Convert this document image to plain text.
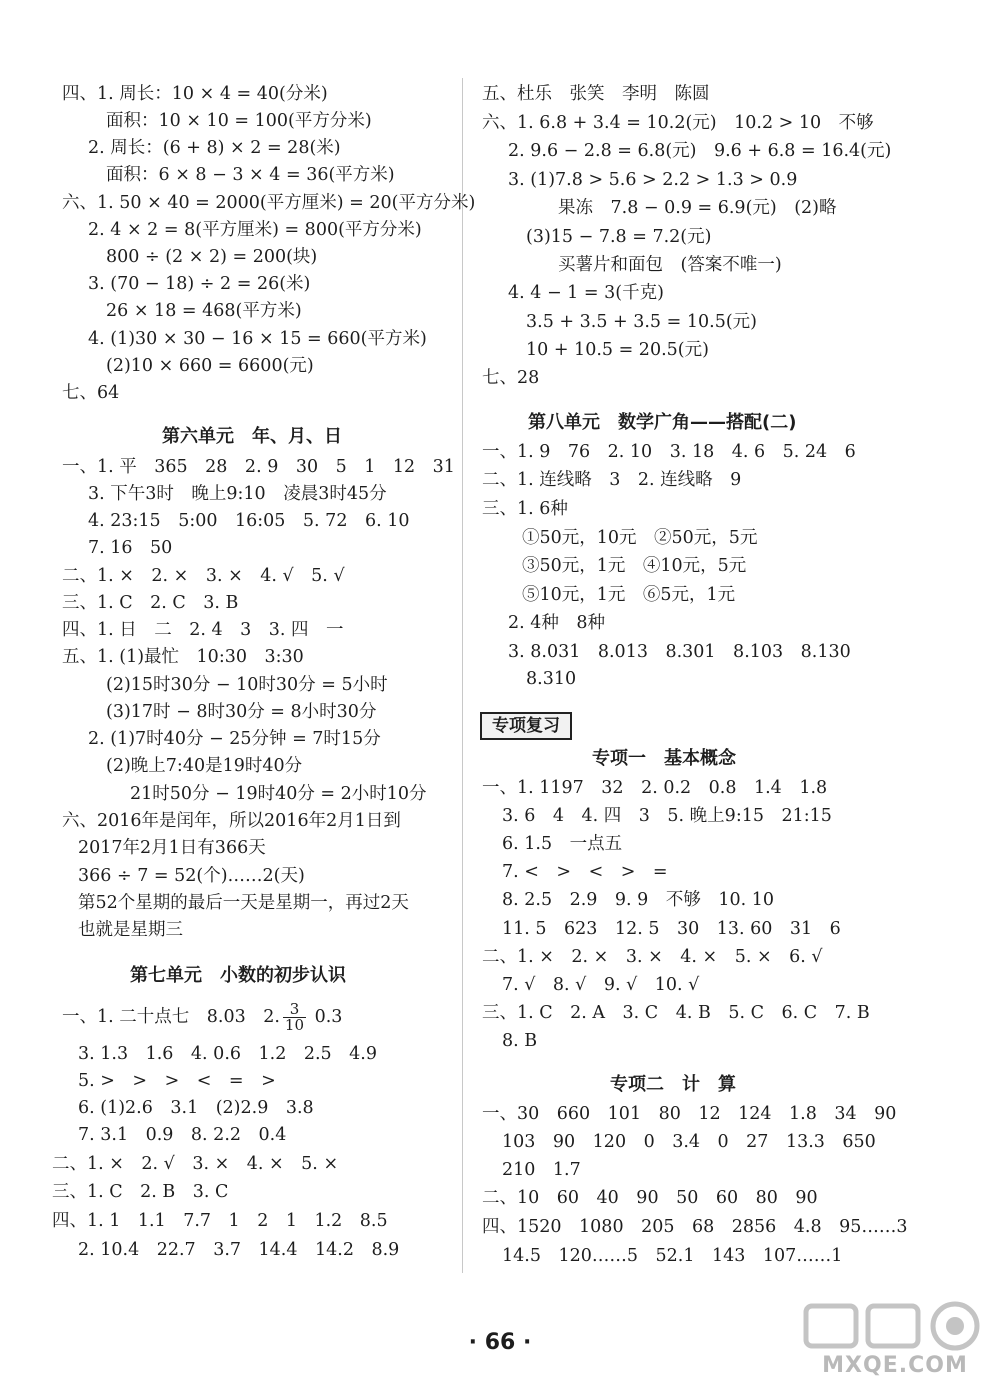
四、1. 周长：10 × 4 = 40(分米)
面积：10 × 10 = 100(平方分米)
2. 周长：(6 + 8) × 2 = 28(米)
面积：6 × 8 − 3 × 4 = 36(平方米)
六、1. 50 × 40 = 2000(平方厘米) = 20(平方分米)
2. 4 × 2 = 8(平方厘米) = 800(平方分米)
800 ÷ (2 × 2) = 200(块)
3. (70 − 18) ÷ 2 = 26(米)
26 × 18 = 468(平方米)
4. (1)30 × 30 − 16 × 15 = 660(平方米)
(2)10 × 660 = 6600(元)
七、64
第六单元　年、月、日
一、1. 平　365　28　2. 9　30　5　1　12　31
3. 下午3时　晚上9:10　凌晨3时45分
4. 23:15　5:00　16:05　5. 72　6. 10
7. 16　50
二、1. ×　2. ×　3. ×　4. √　5. √
三、1. C　2. C　3. B
四、1. 日　二　2. 4　3　3. 四　一
五、1. (1)最忙　10:30　3:30
(2)15时30分 − 10时30分 = 5小时
(3)17时 − 8时30分 = 8小时30分
2. (1)7时40分 − 25分钟 = 7时15分
(2)晚上7:40是19时40分
21时50分 − 19时40分 = 2小时10分
六、2016年是闰年，所以2016年2月1日到
2017年2月1日有366天
366 ÷ 7 = 52(个)……2(天)
第52个星期的最后一天是星期一，再过2天
也就是星期三
第七单元　小数的初步认识
一、1. 二十点七　8.03　2. $\frac{3}{10} 0.3$
3. 1.3　1.6　4. 0.6　1.2　2.5　4.9
5. >　>　>　<　=　>
6. (1)2.6　3.1　(2)2.9　3.8
7. 3.1　0.9　8. 2.2　0.4
二、1. ×　2. √　3. ×　4. ×　5. ×
三、1. C　2. B　3. C
四、1. 1　1.1　7.7　1　2　1　1.2　8.5
2. 10.4　22.7　3.7　14.4　14.2　8.9
五、杜乐　张笑　李明　陈圆
六、1. 6.8 + 3.4 = 10.2(元)　10.2 > 10　不够
2. 9.6 − 2.8 = 6.8(元)　9.6 + 6.8 = 16.4(元)
3. (1)7.8 > 5.6 > 2.2 > 1.3 > 0.9
果冻　7.8 − 0.9 = 6.9(元)　(2)略
(3)15 − 7.8 = 7.2(元)
买薯片和面包　(答案不唯一)
4. 4 − 1 = 3(千克)
3.5 + 3.5 + 3.5 = 10.5(元)
10 + 10.5 = 20.5(元)
七、28
第八单元　数学广角——搭配(二)
一、1. 9　76　2. 10　3. 18　4. 6　5. 24　6
二、1. 连线略　3　2. 连线略　9
三、1. 6种
①50元，10元　②50元，5元
③50元，1元　④10元，5元
⑤10元，1元　⑥5元，1元
2. 4种　8种
3. 8.031　8.013　8.301　8.103　8.130
8.310
专项复习
专项一　基本概念
一、1. 1197　32　2. 0.2　0.8　1.4　1.8
3. 6　4　4. 四　3　5. 晚上9:15　21:15
6. 1.5　一点五
7. <　>　<　>　=
8. 2.5　2.9　9. 9　不够　10. 10
11. 5　623　12. 5　30　13. 60　31　6
二、1. ×　2. ×　3. ×　4. ×　5. ×　6. √
7. √　8. √　9. √　10. √
三、1. C　2. A　3. C　4. B　5. C　6. C　7. B
8. B
专项二　计　算
一、30　660　101　80　12　124　1.8　34　90
103　90　120　0　3.4　0　27　13.3　650
210　1.7
二、10　60　40　90　50　60　80　90
四、1520　1080　205　68　2856　4.8　95……3
14.5　120……5　52.1　143　107……1
· 66 ·
MXQE.COM
